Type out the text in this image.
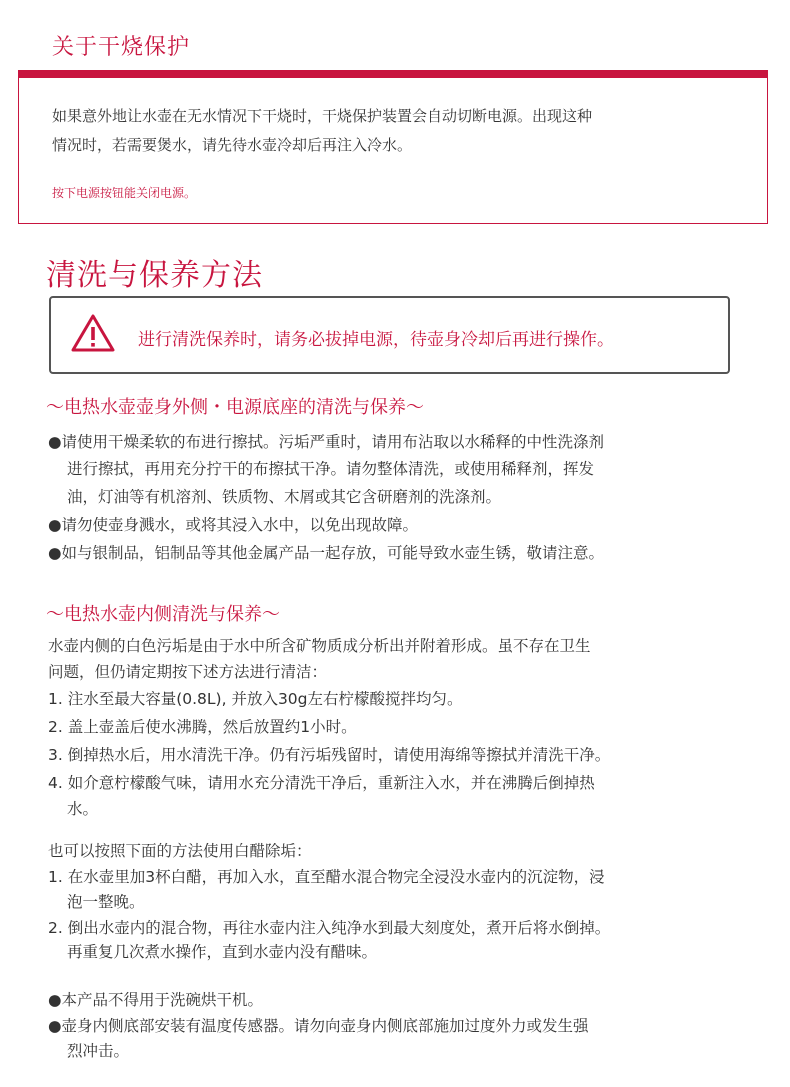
关于干烧保护
如果意外地让水壶在无水情况下干烧时，干烧保护装置会自动切断电源。出现这种
情况时，若需要煲水，请先待水壶冷却后再注入冷水。
按下电源按钮能关闭电源。
清洗与保养方法
进行清洗保养时，请务必拔掉电源，待壶身冷却后再进行操作。
～电热水壶壶身外侧・电源底座的清洗与保养～
●请使用干燥柔软的布进行擦拭。污垢严重时，请用布沾取以水稀释的中性洗涤剂
进行擦拭，再用充分拧干的布擦拭干净。请勿整体清洗，或使用稀释剂，挥发
油，灯油等有机溶剂、铁质物、木屑或其它含研磨剂的洗涤剂。
●请勿使壶身溅水，或将其浸入水中，以免出现故障。
●如与银制品，铝制品等其他金属产品一起存放，可能导致水壶生锈，敬请注意。
～电热水壶内侧清洗与保养～
水壶内侧的白色污垢是由于水中所含矿物质成分析出并附着形成。虽不存在卫生
问题，但仍请定期按下述方法进行清洁：
1. 注水至最大容量(0.8L), 并放入30g左右柠檬酸搅拌均匀。
2. 盖上壶盖后使水沸腾，然后放置约1小时。
3. 倒掉热水后，用水清洗干净。仍有污垢残留时，请使用海绵等擦拭并清洗干净。
4. 如介意柠檬酸气味，请用水充分清洗干净后，重新注入水，并在沸腾后倒掉热
水。
也可以按照下面的方法使用白醋除垢：
1. 在水壶里加3杯白醋，再加入水，直至醋水混合物完全浸没水壶内的沉淀物，浸
泡一整晚。
2. 倒出水壶内的混合物，再往水壶内注入纯净水到最大刻度处，煮开后将水倒掉。
再重复几次煮水操作，直到水壶内没有醋味。
●本产品不得用于洗碗烘干机。
●壶身内侧底部安装有温度传感器。请勿向壶身内侧底部施加过度外力或发生强
烈冲击。
